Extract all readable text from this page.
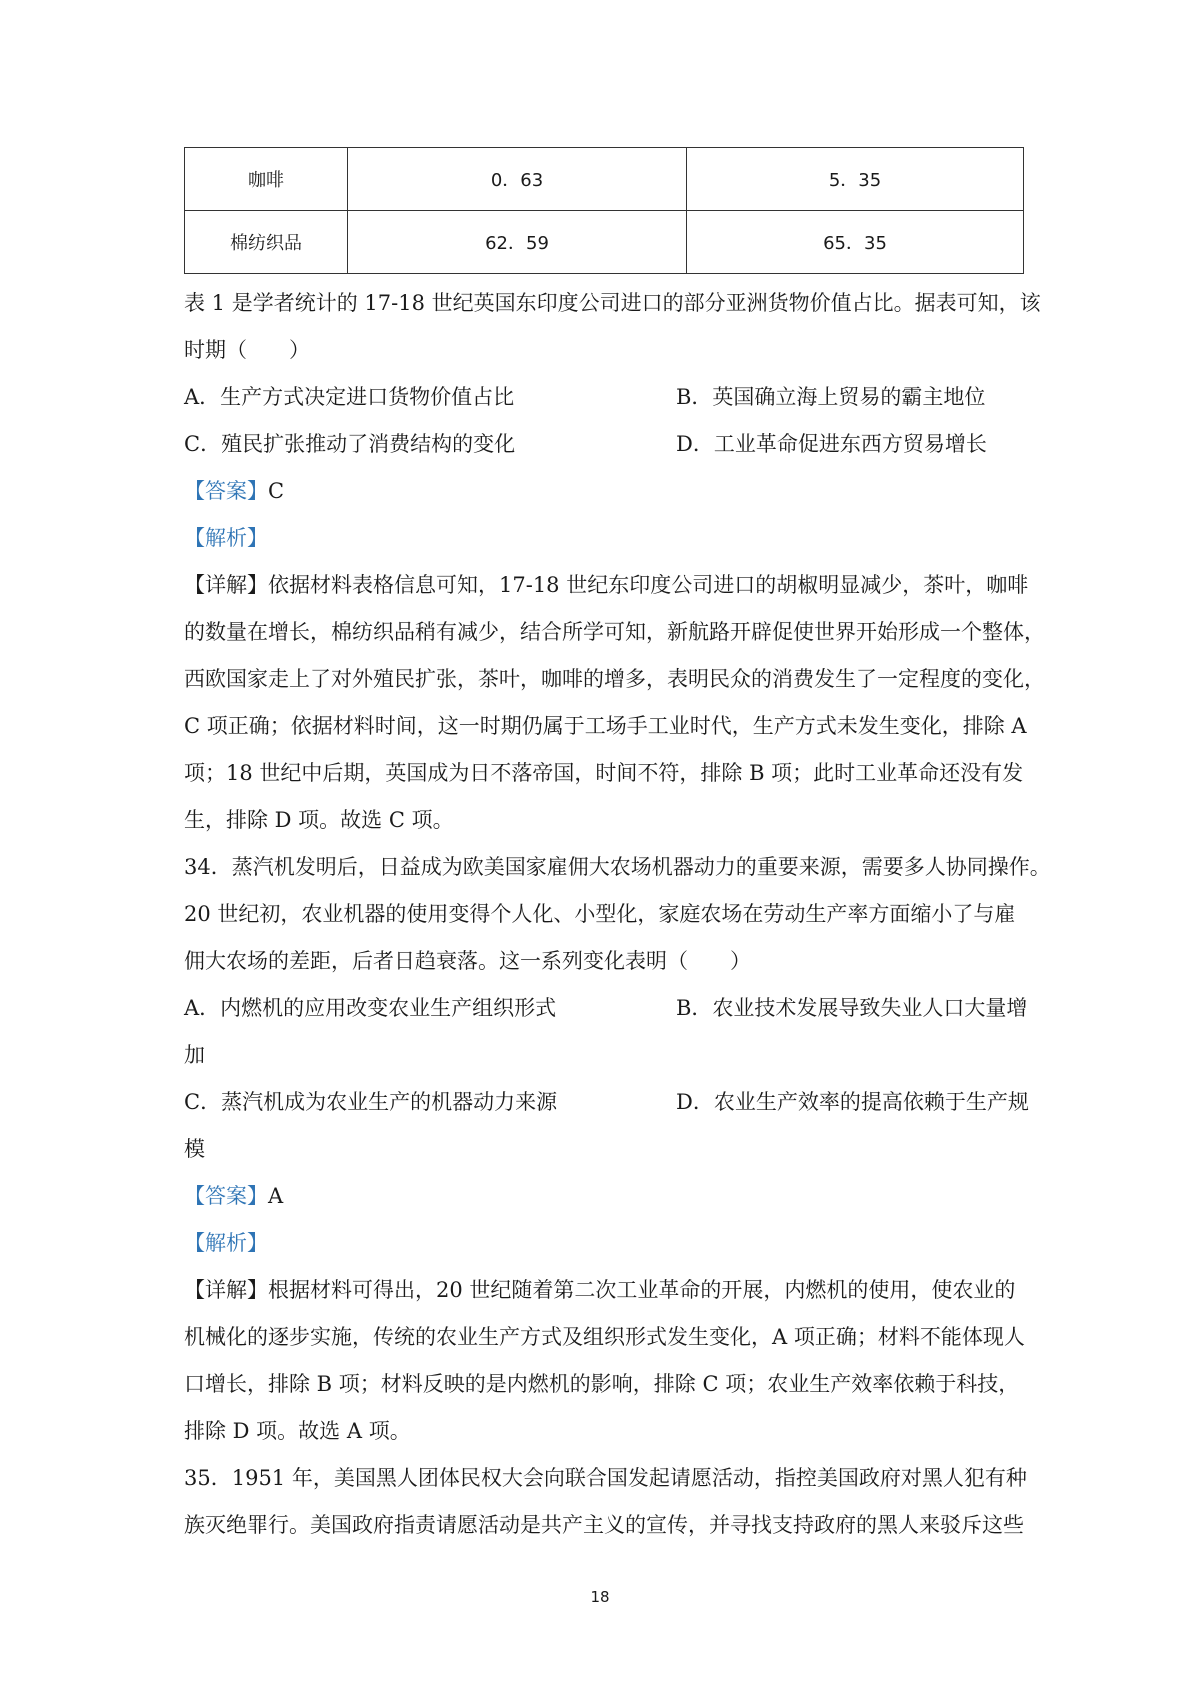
咖啡	0．63	5．35
棉纺织品	62．59	65．35
表 1 是学者统计的 17-18 世纪英国东印度公司进口的部分亚洲货物价值占比。据表可知，该
时期（　　）
A．生产方式决定进口货物价值占比	B．英国确立海上贸易的霸主地位
C．殖民扩张推动了消费结构的变化	D．工业革命促进东西方贸易增长
【答案】C
【解析】
【详解】依据材料表格信息可知，17-18 世纪东印度公司进口的胡椒明显减少，茶叶，咖啡
的数量在增长，棉纺织品稍有减少，结合所学可知，新航路开辟促使世界开始形成一个整体，
西欧国家走上了对外殖民扩张，茶叶，咖啡的增多，表明民众的消费发生了一定程度的变化，
C 项正确；依据材料时间，这一时期仍属于工场手工业时代，生产方式未发生变化，排除 A
项；18 世纪中后期，英国成为日不落帝国，时间不符，排除 B 项；此时工业革命还没有发
生，排除 D 项。故选 C 项。
34．蒸汽机发明后，日益成为欧美国家雇佣大农场机器动力的重要来源，需要多人协同操作。
20 世纪初，农业机器的使用变得个人化、小型化，家庭农场在劳动生产率方面缩小了与雇
佣大农场的差距，后者日趋衰落。这一系列变化表明（　　）
A．内燃机的应用改变农业生产组织形式	B．农业技术发展导致失业人口大量增
加
C．蒸汽机成为农业生产的机器动力来源	D．农业生产效率的提高依赖于生产规
模
【答案】A
【解析】
【详解】根据材料可得出，20 世纪随着第二次工业革命的开展，内燃机的使用，使农业的
机械化的逐步实施，传统的农业生产方式及组织形式发生变化，A 项正确；材料不能体现人
口增长，排除 B 项；材料反映的是内燃机的影响，排除 C 项；农业生产效率依赖于科技，
排除 D 项。故选 A 项。
35．1951 年，美国黑人团体民权大会向联合国发起请愿活动，指控美国政府对黑人犯有种
族灭绝罪行。美国政府指责请愿活动是共产主义的宣传，并寻找支持政府的黑人来驳斥这些
18
